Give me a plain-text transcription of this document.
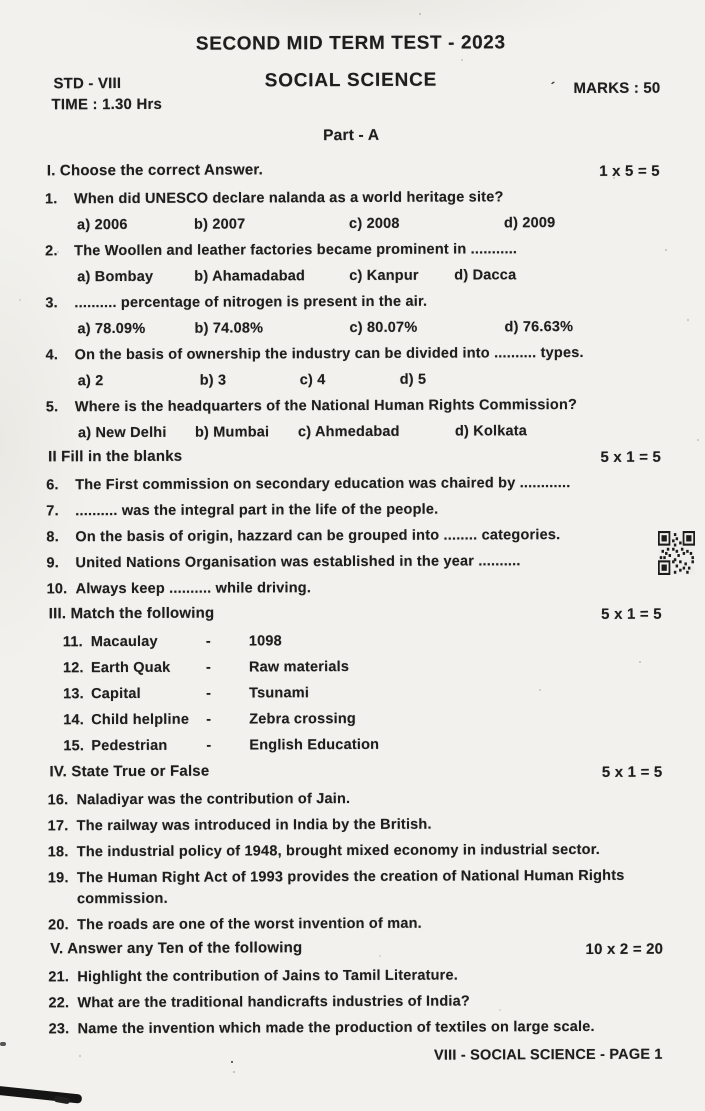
SECOND MID TERM TEST - 2023
STD - VIII	SOCIAL SCIENCE	´ MARKS : 50
TIME : 1.30 Hrs
Part - A
I. Choose the correct Answer.	1 x 5 = 5
1.	When did UNESCO declare nalanda as a world heritage site?
a) 2006	b) 2007	c) 2008	d) 2009
2.	The Woollen and leather factories became prominent in ...........
a) Bombay	b) Ahamadabad	c) Kanpur	d) Dacca
3.	.......... percentage of nitrogen is present in the air.
a) 78.09%	b) 74.08%	c) 80.07%	d) 76.63%
4.	On the basis of ownership the industry can be divided into .......... types.
a) 2	b) 3	c) 4	d) 5
5.	Where is the headquarters of the National Human Rights Commission?
a) New Delhi	b) Mumbai	c) Ahmedabad	d) Kolkata
II Fill in the blanks	5 x 1 = 5
6.	The First commission on secondary education was chaired by ............
7.	.......... was the integral part in the life of the people.
8.	On the basis of origin, hazzard can be grouped into ........ categories.
9.	United Nations Organisation was established in the year ..........
10. Always keep .......... while driving.
III. Match the following	5 x 1 = 5
11. Macaulay	-	1098
12. Earth Quak	-	Raw materials
13. Capital	-	Tsunami
14. Child helpline	-	Zebra crossing
15. Pedestrian	-	English Education
IV. State True or False	5 x 1 = 5
16. Naladiyar was the contribution of Jain.
17. The railway was introduced in India by the British.
18. The industrial policy of 1948, brought mixed economy in industrial sector.
19. The Human Right Act of 1993 provides the creation of National Human Rights commission.
20. The roads are one of the worst invention of man.
V. Answer any Ten of the following	10 x 2 = 20
21. Highlight the contribution of Jains to Tamil Literature.
22. What are the traditional handicrafts industries of India?
23. Name the invention which made the production of textiles on large scale.
VIII - SOCIAL SCIENCE - PAGE 1
